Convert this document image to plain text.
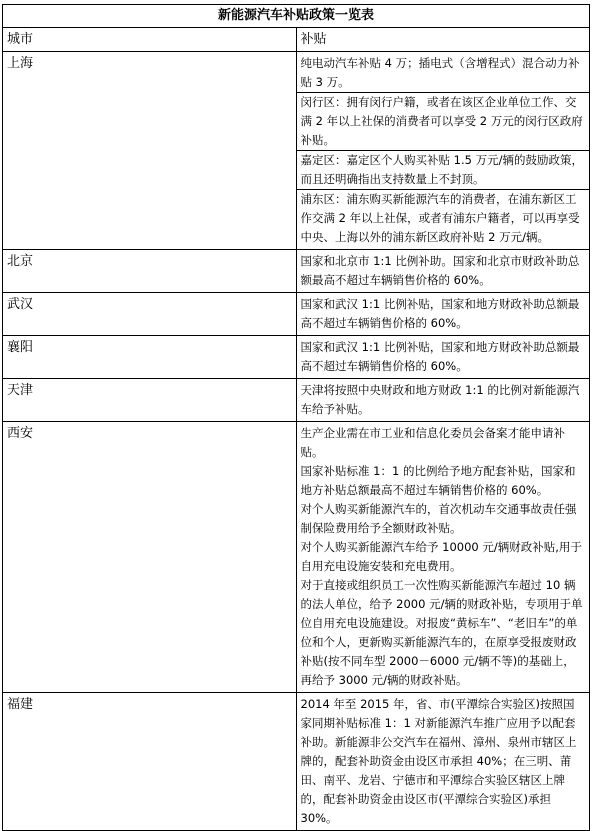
新能源汽车补贴政策一览表	
城市	补贴
上海	纯电动汽车补贴 4 万；插电式（含增程式）混合动力补贴 3 万。
闵行区：拥有闵行户籍，或者在该区企业单位工作、交满 2 年以上社保的消费者可以享受 2 万元的闵行区政府补贴。
嘉定区：嘉定区个人购买补贴 1.5 万元/辆的鼓励政策，而且还明确指出支持数量上不封顶。
浦东区：浦东购买新能源汽车的消费者，在浦东新区工作交满 2 年以上社保，或者有浦东户籍者，可以再享受中央、上海以外的浦东新区政府补贴 2 万元/辆。

北京	国家和北京市 1:1 比例补助。国家和北京市财政补助总额最高不超过车辆销售价格的 60%。
武汉	国家和武汉 1:1 比例补贴，国家和地方财政补助总额最高不超过车辆销售价格的 60%。
襄阳	国家和武汉 1:1 比例补贴，国家和地方财政补助总额最高不超过车辆销售价格的 60%。
天津	天津将按照中央财政和地方财政 1:1 的比例对新能源汽车给予补贴。
西安	生产企业需在市工业和信息化委员会备案才能申请补贴。

国家补贴标准 1：1 的比例给予地方配套补贴，国家和地方补贴总额最高不超过车辆销售价格的 60%。

对个人购买新能源汽车的，首次机动车交通事故责任强制保险费用给予全额财政补贴。

对个人购买新能源汽车给予 10000 元/辆财政补贴,用于自用充电设施安装和充电费用。

对于直接或组织员工一次性购买新能源汽车超过 10 辆的法人单位，给予 2000 元/辆的财政补贴，专项用于单位自用充电设施建设。对报废“黄标车”、“老旧车”的单位和个人，更新购买新能源汽车的，在原享受报废财政补贴(按不同车型 2000－6000 元/辆不等)的基础上，再给予 3000 元/辆的财政补贴。

福建	2014 年至 2015 年，省、市(平潭综合实验区)按照国家同期补贴标准 1：1 对新能源汽车推广应用予以配套补助。新能源非公交汽车在福州、漳州、泉州市辖区上牌的，配套补助资金由设区市承担 40%；在三明、莆田、南平、龙岩、宁德市和平潭综合实验区辖区上牌的，配套补助资金由设区市(平潭综合实验区)承担 30%。
